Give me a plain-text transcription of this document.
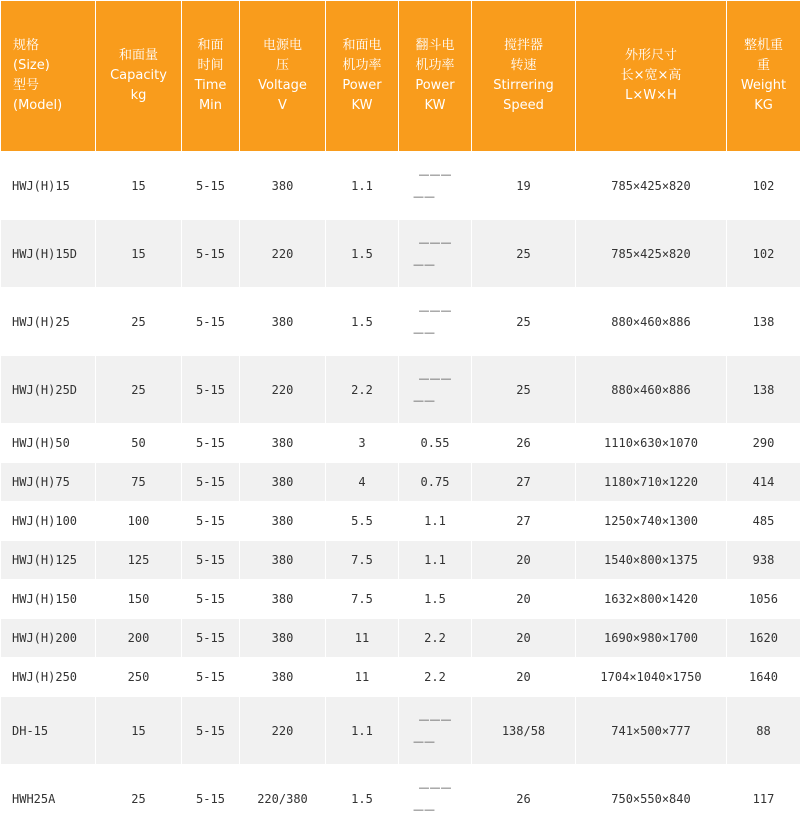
规格
(Size)
型号
(Model)	和面量
Capacity
kg	和面
时间
Time
Min	电源电
压
Voltage
V	和面电
机功率
Power
KW	翻斗电
机功率
Power
KW	搅拌器
转速
Stirrering
Speed	外形尺寸
长×宽×高
L×W×H	整机重
重
Weight
KG
HWJ(H)15	15	5-15	380	1.1	———
——	19	785×425×820	102
HWJ(H)15D	15	5-15	220	1.5	———
——	25	785×425×820	102
HWJ(H)25	25	5-15	380	1.5	———
——	25	880×460×886	138
HWJ(H)25D	25	5-15	220	2.2	———
——	25	880×460×886	138
HWJ(H)50	50	5-15	380	3	0.55	26	1110×630×1070	290
HWJ(H)75	75	5-15	380	4	0.75	27	1180×710×1220	414
HWJ(H)100	100	5-15	380	5.5	1.1	27	1250×740×1300	485
HWJ(H)125	125	5-15	380	7.5	1.1	20	1540×800×1375	938
HWJ(H)150	150	5-15	380	7.5	1.5	20	1632×800×1420	1056
HWJ(H)200	200	5-15	380	11	2.2	20	1690×980×1700	1620
HWJ(H)250	250	5-15	380	11	2.2	20	1704×1040×1750	1640
DH-15	15	5-15	220	1.1	———
——	138/58	741×500×777	88
HWH25A	25	5-15	220/380	1.5	———
——	26	750×550×840	117
